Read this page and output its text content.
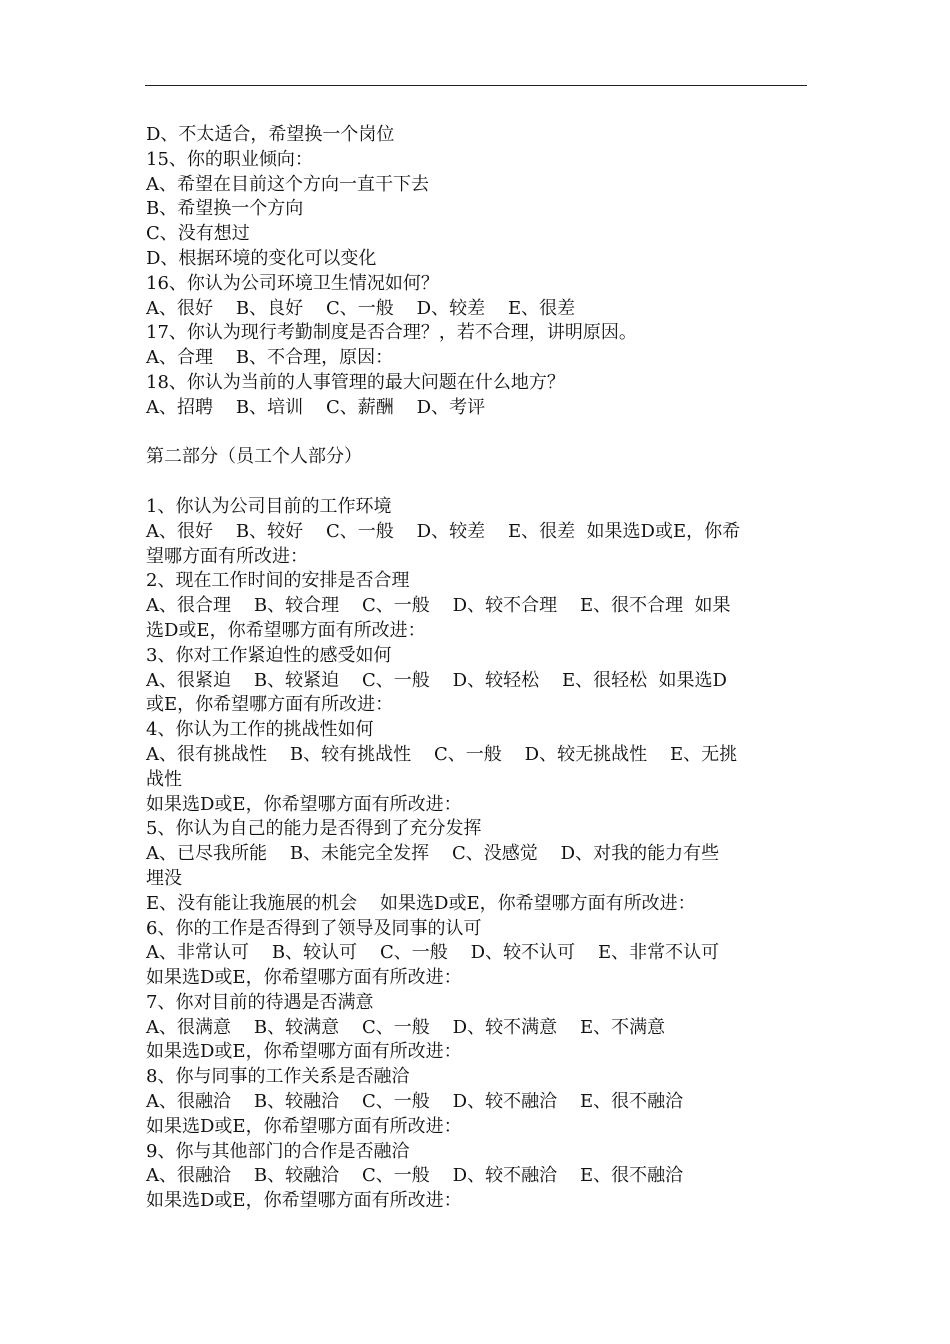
D、不太适合，希望换一个岗位
15、你的职业倾向：
A、希望在目前这个方向一直干下去
B、希望换一个方向
C、没有想过
D、根据环境的变化可以变化
16、你认为公司环境卫生情况如何？
A、很好    B、良好    C、一般    D、较差    E、很差
17、你认为现行考勤制度是否合理？，若不合理，讲明原因。
A、合理    B、不合理，原因：
18、你认为当前的人事管理的最大问题在什么地方？
A、招聘    B、培训    C、薪酬    D、考评
第二部分（员工个人部分）
1、你认为公司目前的工作环境
A、很好    B、较好    C、一般    D、较差    E、很差  如果选D或E，你希
望哪方面有所改进：
2、现在工作时间的安排是否合理
A、很合理    B、较合理    C、一般    D、较不合理    E、很不合理  如果
选D或E，你希望哪方面有所改进：
3、你对工作紧迫性的感受如何
A、很紧迫    B、较紧迫    C、一般    D、较轻松    E、很轻松  如果选D
或E，你希望哪方面有所改进：
4、你认为工作的挑战性如何
A、很有挑战性    B、较有挑战性    C、一般    D、较无挑战性    E、无挑
战性
如果选D或E，你希望哪方面有所改进：
5、你认为自己的能力是否得到了充分发挥
A、已尽我所能    B、未能完全发挥    C、没感觉    D、对我的能力有些
埋没
E、没有能让我施展的机会    如果选D或E，你希望哪方面有所改进：
6、你的工作是否得到了领导及同事的认可
A、非常认可    B、较认可    C、一般    D、较不认可    E、非常不认可
如果选D或E，你希望哪方面有所改进：
7、你对目前的待遇是否满意
A、很满意    B、较满意    C、一般    D、较不满意    E、不满意
如果选D或E，你希望哪方面有所改进：
8、你与同事的工作关系是否融洽
A、很融洽    B、较融洽    C、一般    D、较不融洽    E、很不融洽
如果选D或E，你希望哪方面有所改进：
9、你与其他部门的合作是否融洽
A、很融洽    B、较融洽    C、一般    D、较不融洽    E、很不融洽
如果选D或E，你希望哪方面有所改进：
